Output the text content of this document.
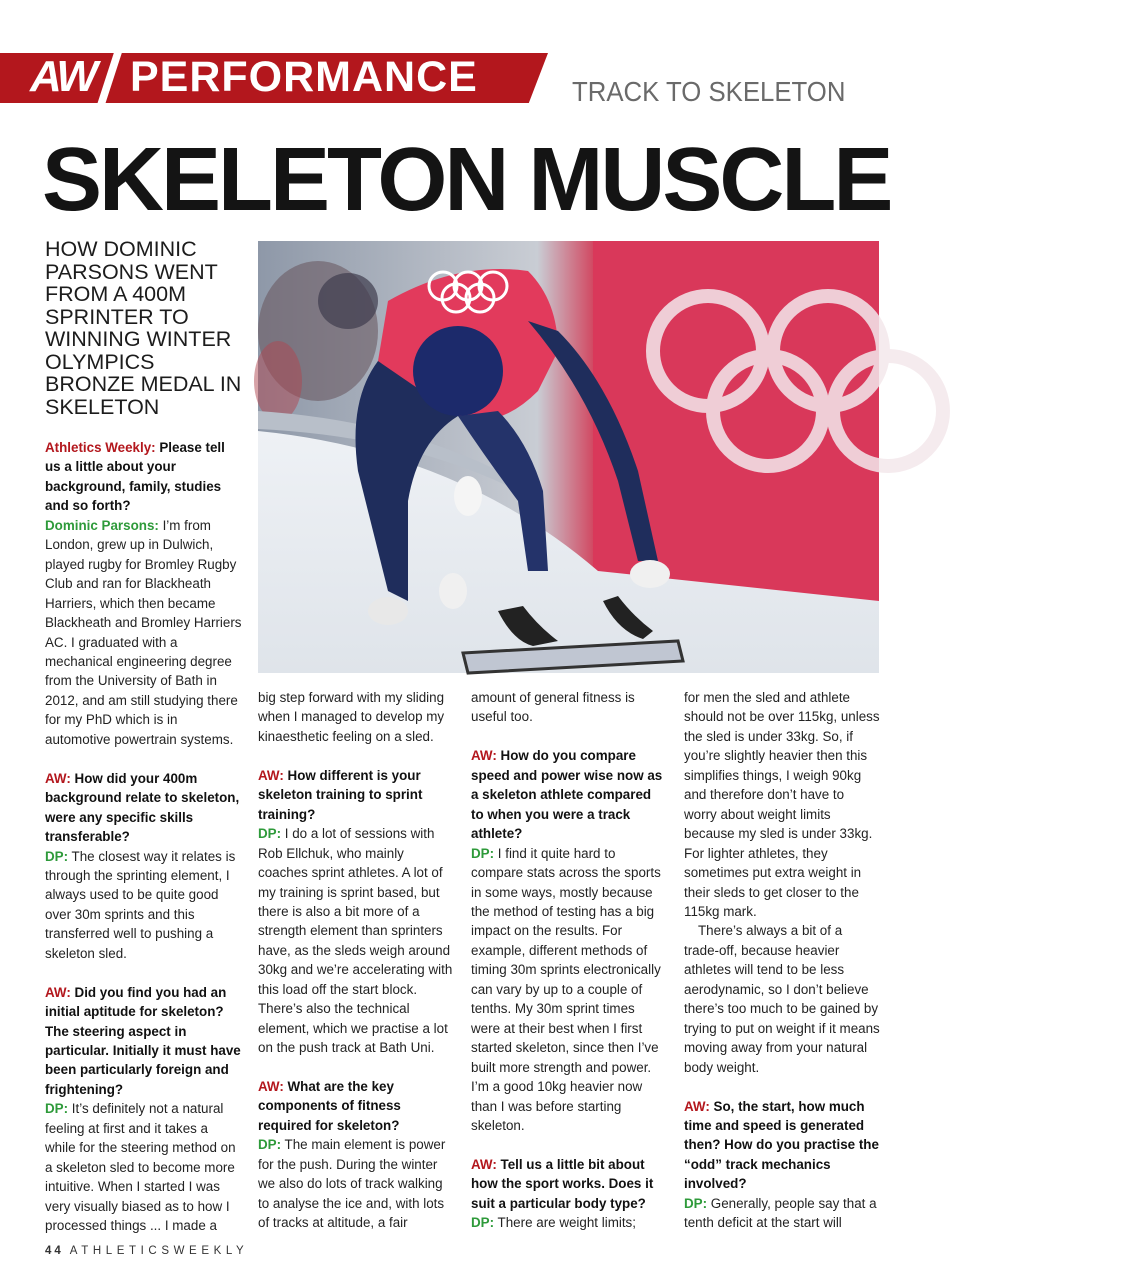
AW PERFORMANCE	TRACK TO SKELETON
SKELETON MUSCLE
HOW DOMINIC PARSONS WENT FROM A 400M SPRINTER TO WINNING WINTER OLYMPICS BRONZE MEDAL IN SKELETON
Dominic Parsons:
the former 400m man
gets a flying start

Athletics Weekly: Please tell us a little about your background, family, studies and so forth?

Dominic Parsons: I’m from London, grew up in Dulwich, played rugby for Bromley Rugby Club and ran for Blackheath Harriers, which then became Blackheath and Bromley Harriers AC. I graduated with a mechanical engineering degree from the University of Bath in 2012, and am still studying there for my PhD which is in automotive powertrain systems.

AW: How did your 400m background relate to skeleton, were any specific skills transferable?

DP: The closest way it relates is through the sprinting element, I always used to be quite good over 30m sprints and this transferred well to pushing a skeleton sled.

AW: Did you find you had an initial aptitude for skeleton? The steering aspect in particular. Initially it must have been particularly foreign and frightening?

DP: It’s definitely not a natural feeling at first and it takes a while for the steering method on a skeleton sled to become more intuitive. When I started I was very visually biased as to how I processed things ... I made a

big step forward with my sliding when I managed to develop my kinaesthetic feeling on a sled.

AW: How different is your skeleton training to sprint training?

DP: I do a lot of sessions with Rob Ellchuk, who mainly coaches sprint athletes. A lot of my training is sprint based, but there is also a bit more of a strength element than sprinters have, as the sleds weigh around 30kg and we’re accelerating with this load off the start block. There’s also the technical element, which we practise a lot on the push track at Bath Uni.

AW: What are the key components of fitness required for skeleton?

DP: The main element is power for the push. During the winter we also do lots of track walking to analyse the ice and, with lots of tracks at altitude, a fair

amount of general fitness is useful too.

AW: How do you compare speed and power wise now as a skeleton athlete compared to when you were a track athlete?

DP: I find it quite hard to compare stats across the sports in some ways, mostly because the method of testing has a big impact on the results. For example, different methods of timing 30m sprints electronically can vary by up to a couple of tenths. My 30m sprint times were at their best when I first started skeleton, since then I’ve built more strength and power. I’m a good 10kg heavier now than I was before starting skeleton.

AW: Tell us a little bit about how the sport works. Does it suit a particular body type?

DP: There are weight limits;

for men the sled and athlete should not be over 115kg, unless the sled is under 33kg. So, if you’re slightly heavier then this simplifies things, I weigh 90kg and therefore don’t have to worry about weight limits because my sled is under 33kg. For lighter athletes, they sometimes put extra weight in their sleds to get closer to the 115kg mark.

There’s always a bit of a trade-off, because heavier athletes will tend to be less aerodynamic, so I don’t believe there’s too much to be gained by trying to put on weight if it means moving away from your natural body weight.

AW: So, the start, how much time and speed is generated then? How do you practise the “odd” track mechanics involved?

DP: Generally, people say that a tenth deficit at the start will

44 ATHLETICSWEEKLY
